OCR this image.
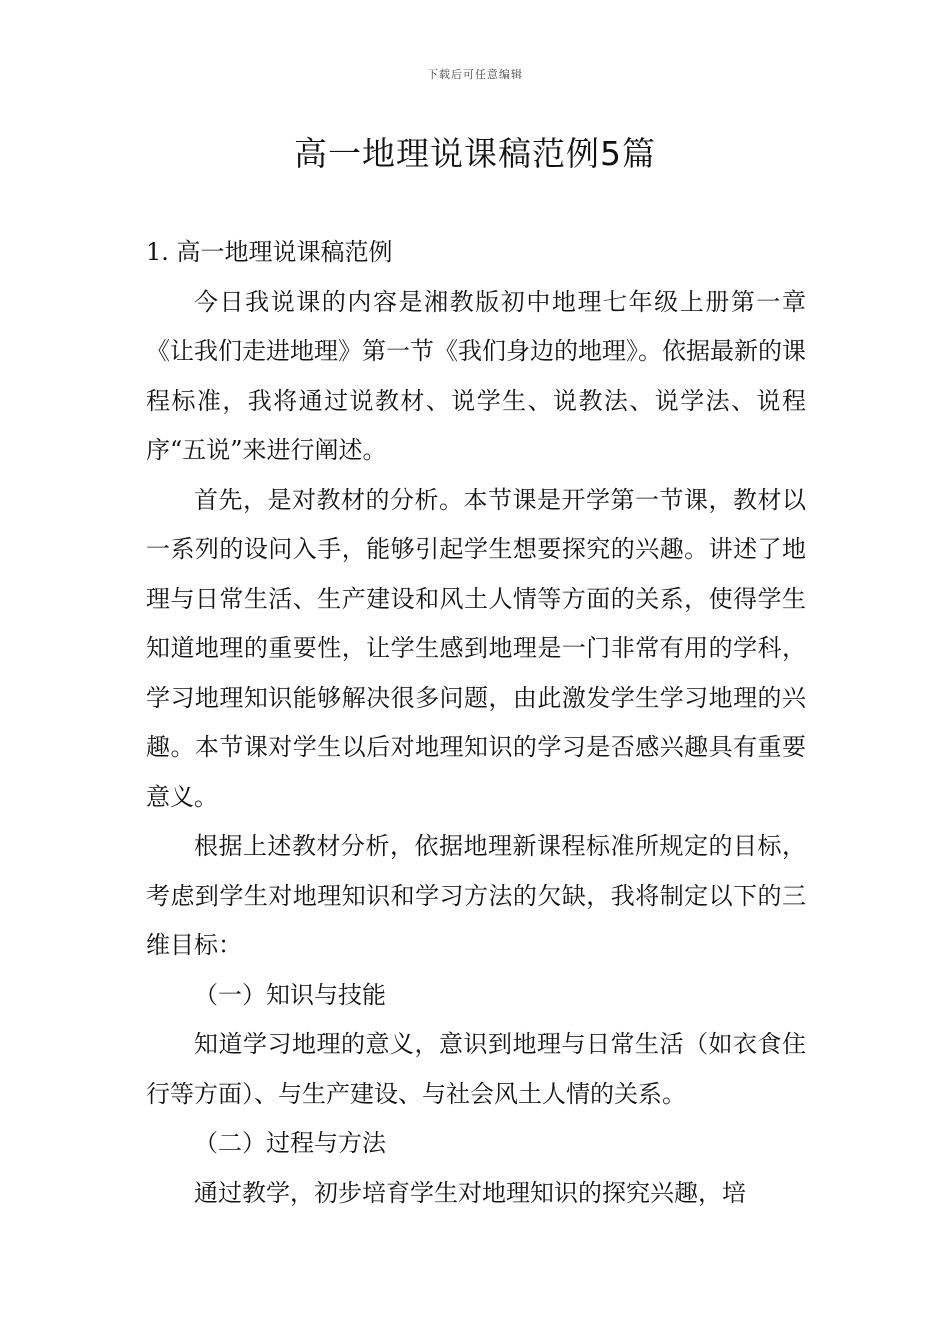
下载后可任意编辑
高一地理说课稿范例5篇

1. 高一地理说课稿范例

今日我说课的内容是湘教版初中地理七年级上册第一章《让我们走进地理》第一节《我们身边的地理》。依据最新的课程标准，我将通过说教材、说学生、说教法、说学法、说程序“五说”来进行阐述。

首先，是对教材的分析。本节课是开学第一节课，教材以一系列的设问入手，能够引起学生想要探究的兴趣。讲述了地理与日常生活、生产建设和风土人情等方面的关系，使得学生知道地理的重要性，让学生感到地理是一门非常有用的学科，学习地理知识能够解决很多问题，由此激发学生学习地理的兴趣。本节课对学生以后对地理知识的学习是否感兴趣具有重要意义。

根据上述教材分析，依据地理新课程标准所规定的目标，考虑到学生对地理知识和学习方法的欠缺，我将制定以下的三维目标：

（一）知识与技能

知道学习地理的意义，意识到地理与日常生活（如衣食住行等方面）、与生产建设、与社会风土人情的关系。

（二）过程与方法

通过教学，初步培育学生对地理知识的探究兴趣，培
